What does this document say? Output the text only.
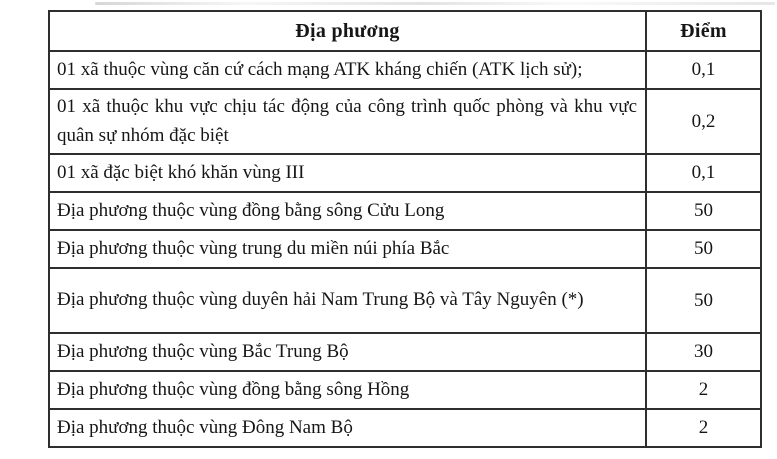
Địa phương	Điểm
01 xã thuộc vùng căn cứ cách mạng ATK kháng chiến (ATK lịch sử);	0,1
01 xã thuộc khu vực chịu tác động của công trình quốc phòng và khu vực quân sự nhóm đặc biệt	0,2
01 xã đặc biệt khó khăn vùng III	0,1
Địa phương thuộc vùng đồng bằng sông Cửu Long	50
Địa phương thuộc vùng trung du miền núi phía Bắc	50
Địa phương thuộc vùng duyên hải Nam Trung Bộ và Tây Nguyên (*)	50
Địa phương thuộc vùng Bắc Trung Bộ	30
Địa phương thuộc vùng đồng bằng sông Hồng	2
Địa phương thuộc vùng Đông Nam Bộ	2
